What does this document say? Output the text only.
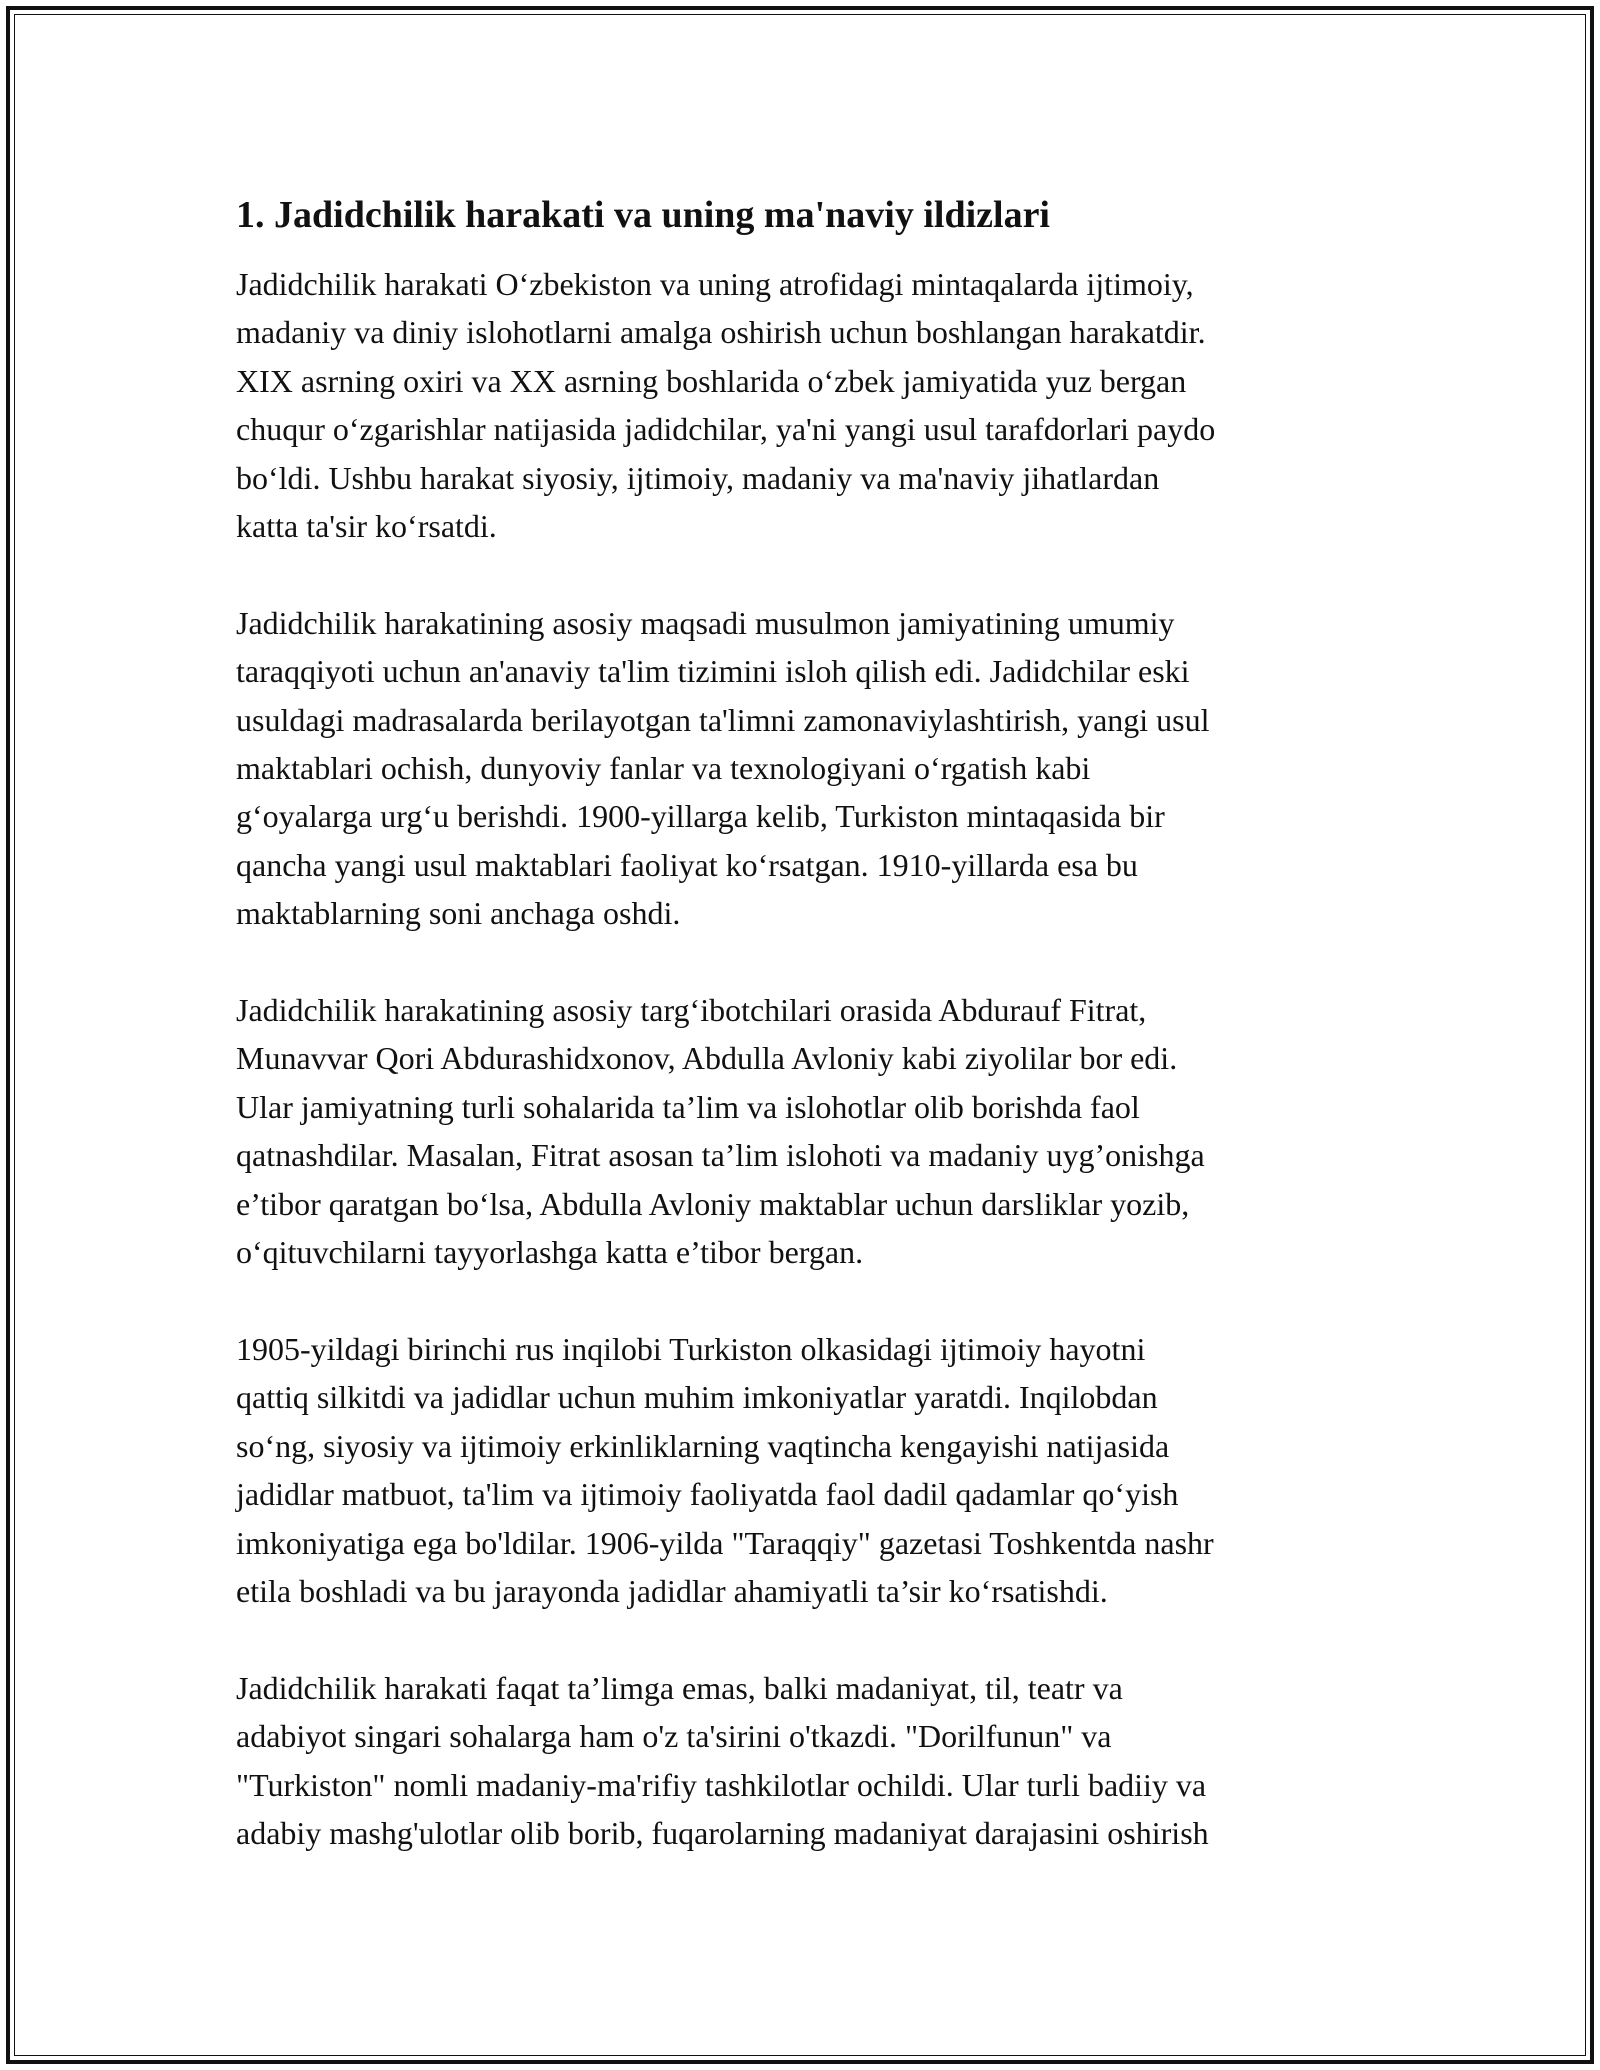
1. Jadidchilik harakati va uning ma'naviy ildizlari

Jadidchilik harakati O‘zbekiston va uning atrofidagi mintaqalarda ijtimoiy,
madaniy va diniy islohotlarni amalga oshirish uchun boshlangan harakatdir.
XIX asrning oxiri va XX asrning boshlarida o‘zbek jamiyatida yuz bergan
chuqur o‘zgarishlar natijasida jadidchilar, ya'ni yangi usul tarafdorlari paydo
bo‘ldi. Ushbu harakat siyosiy, ijtimoiy, madaniy va ma'naviy jihatlardan
katta ta'sir ko‘rsatdi.

Jadidchilik harakatining asosiy maqsadi musulmon jamiyatining umumiy
taraqqiyoti uchun an'anaviy ta'lim tizimini isloh qilish edi. Jadidchilar eski
usuldagi madrasalarda berilayotgan ta'limni zamonaviylashtirish, yangi usul
maktablari ochish, dunyoviy fanlar va texnologiyani o‘rgatish kabi
g‘oyalarga urg‘u berishdi. 1900-yillarga kelib, Turkiston mintaqasida bir
qancha yangi usul maktablari faoliyat ko‘rsatgan. 1910-yillarda esa bu
maktablarning soni anchaga oshdi.

Jadidchilik harakatining asosiy targ‘ibotchilari orasida Abdurauf Fitrat,
Munavvar Qori Abdurashidxonov, Abdulla Avloniy kabi ziyolilar bor edi.
Ular jamiyatning turli sohalarida ta’lim va islohotlar olib borishda faol
qatnashdilar. Masalan, Fitrat asosan ta’lim islohoti va madaniy uyg’onishga
e’tibor qaratgan bo‘lsa, Abdulla Avloniy maktablar uchun darsliklar yozib,
o‘qituvchilarni tayyorlashga katta e’tibor bergan.

1905-yildagi birinchi rus inqilobi Turkiston olkasidagi ijtimoiy hayotni
qattiq silkitdi va jadidlar uchun muhim imkoniyatlar yaratdi. Inqilobdan
so‘ng, siyosiy va ijtimoiy erkinliklarning vaqtincha kengayishi natijasida
jadidlar matbuot, ta'lim va ijtimoiy faoliyatda faol dadil qadamlar qo‘yish
imkoniyatiga ega bo'ldilar. 1906-yilda "Taraqqiy" gazetasi Toshkentda nashr
etila boshladi va bu jarayonda jadidlar ahamiyatli ta’sir ko‘rsatishdi.

Jadidchilik harakati faqat ta’limga emas, balki madaniyat, til, teatr va
adabiyot singari sohalarga ham o'z ta'sirini o'tkazdi. "Dorilfunun" va
"Turkiston" nomli madaniy-ma'rifiy tashkilotlar ochildi. Ular turli badiiy va
adabiy mashg'ulotlar olib borib, fuqarolarning madaniyat darajasini oshirish
